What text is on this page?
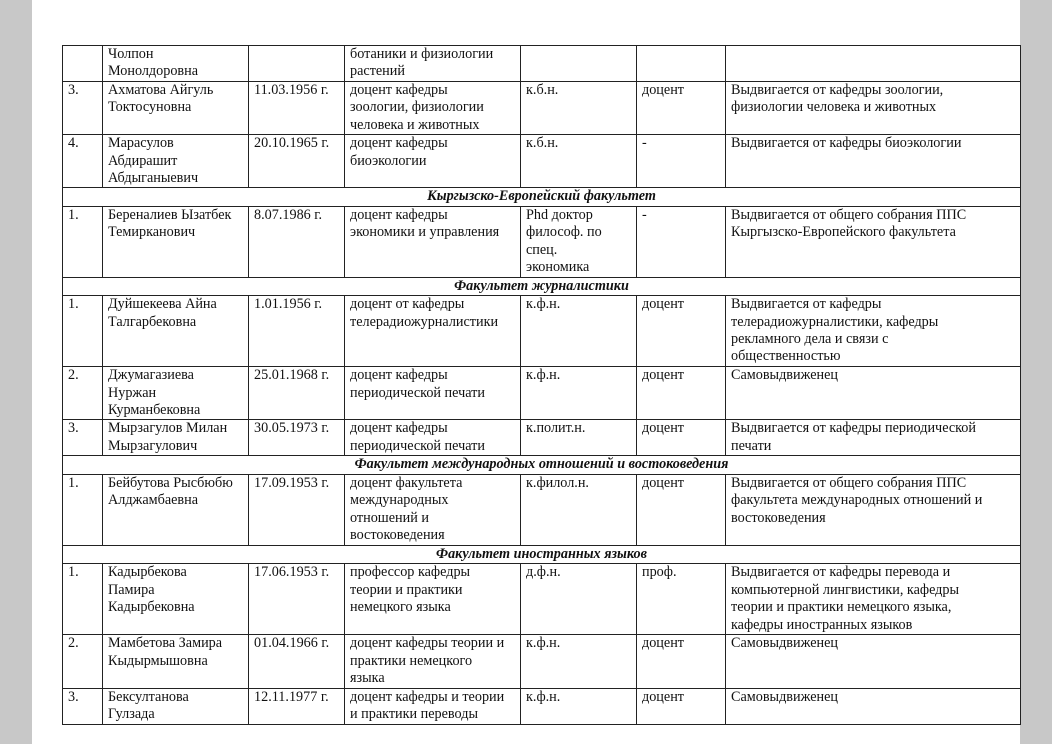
	Чолпон
Монолдоровна		ботаники и физиологии
растений			
3.	Ахматова Айгуль
Токтосуновна	11.03.1956 г.	доцент кафедры
зоологии, физиологии
человека и животных	к.б.н.	доцент	Выдвигается от кафедры зоологии,
физиологии человека и животных
4.	Марасулов
Абдирашит
Абдыганыевич	20.10.1965 г.	доцент кафедры
биоэкологии	к.б.н.	-	Выдвигается от кафедры биоэкологии
Кыргызско-Европейский факультет						
1.	Береналиев Ызатбек
Темирканович	8.07.1986 г.	доцент кафедры
экономики и управления	Phd доктор
философ. по
спец.
экономика	-	Выдвигается от общего собрания ППС
Кыргызско-Европейского факультета
Факультет журналистики						
1.	Дуйшекеева Айна
Талгарбековна	1.01.1956 г.	доцент от кафедры
телерадиожурналистики	к.ф.н.	доцент	Выдвигается от кафедры
телерадиожурналистики, кафедры
рекламного дела и связи с
общественностью
2.	Джумагазиева
Нуржан
Курманбековна	25.01.1968 г.	доцент кафедры
периодической печати	к.ф.н.	доцент	Самовыдвиженец
3.	Мырзагулов Милан
Мырзагулович	30.05.1973 г.	доцент кафедры
периодической печати	к.полит.н.	доцент	Выдвигается от кафедры периодической
печати
Факультет международных отношений и востоковедения						
1.	Бейбутова Рысбюбю
Алджамбаевна	17.09.1953 г.	доцент факультета
международных
отношений и
востоковедения	к.филол.н.	доцент	Выдвигается от общего собрания ППС
факультета международных отношений и
востоковедения
Факультет иностранных языков						
1.	Кадырбекова
Памира
Кадырбековна	17.06.1953 г.	профессор кафедры
теории и практики
немецкого языка	д.ф.н.	проф.	Выдвигается от кафедры перевода и
компьютерной лингвистики, кафедры
теории и практики немецкого языка,
кафедры иностранных языков
2.	Мамбетова Замира
Кыдырмышовна	01.04.1966 г.	доцент кафедры теории и
практики немецкого
языка	к.ф.н.	доцент	Самовыдвиженец
3.	Бексултанова
Гулзада	12.11.1977 г.	доцент кафедры и теории
и практики переводы	к.ф.н.	доцент	Самовыдвиженец
